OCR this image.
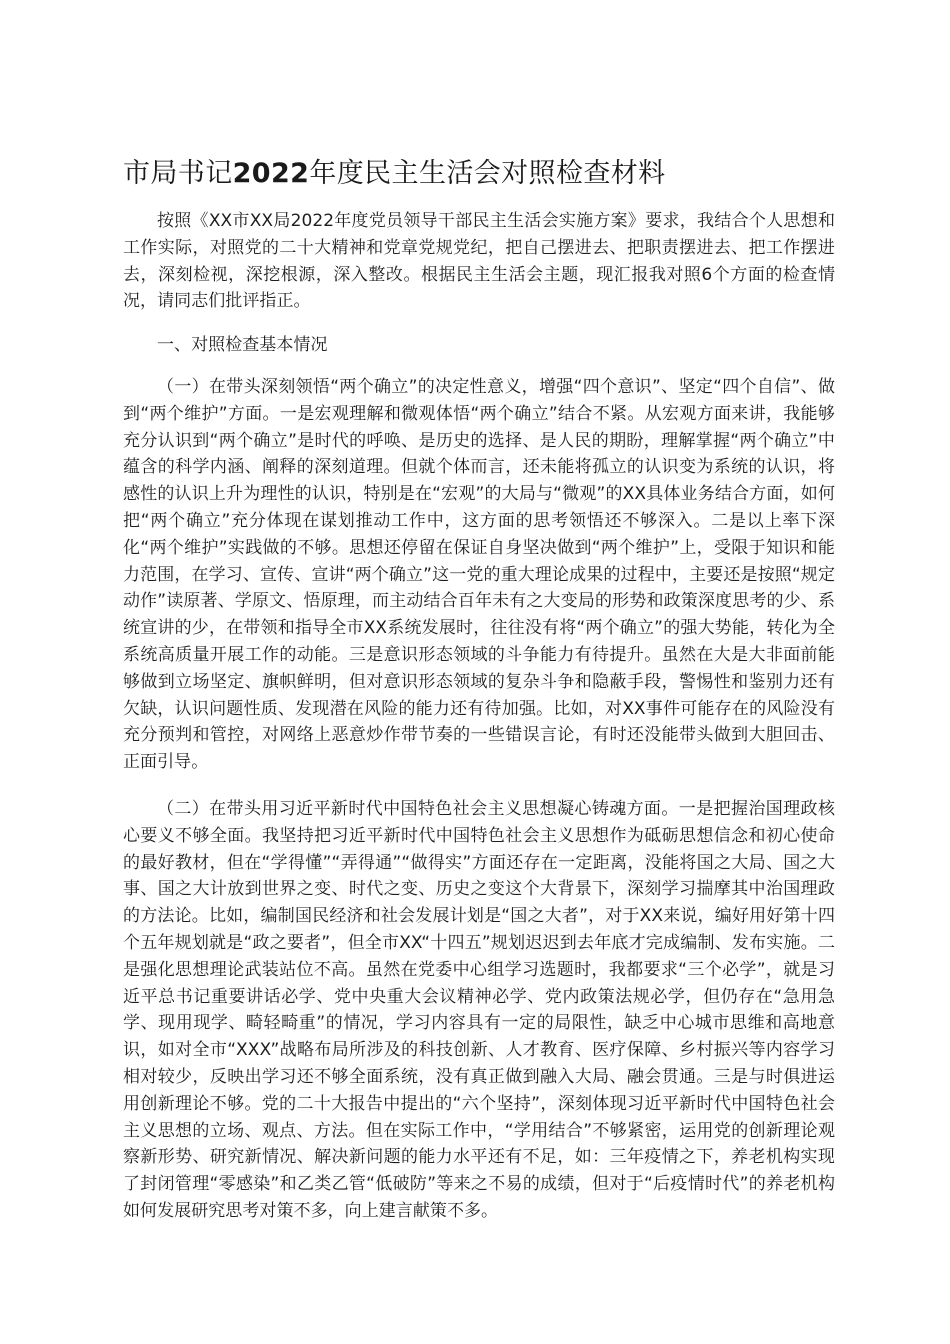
市局书记2022年度民主生活会对照检查材料

按照《XX市XX局2022年度党员领导干部民主生活会实施方案》要求，我结合个人思想和工作实际，对照党的二十大精神和党章党规党纪，把自己摆进去、把职责摆进去、把工作摆进去，深刻检视，深挖根源，深入整改。根据民主生活会主题，现汇报我对照6个方面的检查情况，请同志们批评指正。

一、对照检查基本情况

（一）在带头深刻领悟“两个确立”的决定性意义，增强“四个意识”、坚定“四个自信”、做到“两个维护”方面。一是宏观理解和微观体悟“两个确立”结合不紧。从宏观方面来讲，我能够充分认识到“两个确立”是时代的呼唤、是历史的选择、是人民的期盼，理解掌握“两个确立”中蕴含的科学内涵、阐释的深刻道理。但就个体而言，还未能将孤立的认识变为系统的认识，将感性的认识上升为理性的认识，特别是在“宏观”的大局与“微观”的XX具体业务结合方面，如何把“两个确立”充分体现在谋划推动工作中，这方面的思考领悟还不够深入。二是以上率下深化“两个维护”实践做的不够。思想还停留在保证自身坚决做到“两个维护”上，受限于知识和能力范围，在学习、宣传、宣讲“两个确立”这一党的重大理论成果的过程中，主要还是按照“规定动作”读原著、学原文、悟原理，而主动结合百年未有之大变局的形势和政策深度思考的少、系统宣讲的少，在带领和指导全市XX系统发展时，往往没有将“两个确立”的强大势能，转化为全系统高质量开展工作的动能。三是意识形态领域的斗争能力有待提升。虽然在大是大非面前能够做到立场坚定、旗帜鲜明，但对意识形态领域的复杂斗争和隐蔽手段，警惕性和鉴别力还有欠缺，认识问题性质、发现潜在风险的能力还有待加强。比如，对XX事件可能存在的风险没有充分预判和管控，对网络上恶意炒作带节奏的一些错误言论，有时还没能带头做到大胆回击、正面引导。

（二）在带头用习近平新时代中国特色社会主义思想凝心铸魂方面。一是把握治国理政核心要义不够全面。我坚持把习近平新时代中国特色社会主义思想作为砥砺思想信念和初心使命的最好教材，但在“学得懂”“弄得通”“做得实”方面还存在一定距离，没能将国之大局、国之大事、国之大计放到世界之变、时代之变、历史之变这个大背景下，深刻学习揣摩其中治国理政的方法论。比如，编制国民经济和社会发展计划是“国之大者”，对于XX来说，编好用好第十四个五年规划就是“政之要者”，但全市XX“十四五”规划迟迟到去年底才完成编制、发布实施。二是强化思想理论武装站位不高。虽然在党委中心组学习选题时，我都要求“三个必学”，就是习近平总书记重要讲话必学、党中央重大会议精神必学、党内政策法规必学，但仍存在“急用急学、现用现学、畸轻畸重”的情况，学习内容具有一定的局限性，缺乏中心城市思维和高地意识，如对全市“XXX”战略布局所涉及的科技创新、人才教育、医疗保障、乡村振兴等内容学习相对较少，反映出学习还不够全面系统，没有真正做到融入大局、融会贯通。三是与时俱进运用创新理论不够。党的二十大报告中提出的“六个坚持”，深刻体现习近平新时代中国特色社会主义思想的立场、观点、方法。但在实际工作中，“学用结合”不够紧密，运用党的创新理论观察新形势、研究新情况、解决新问题的能力水平还有不足，如：三年疫情之下，养老机构实现了封闭管理“零感染”和乙类乙管“低破防”等来之不易的成绩，但对于“后疫情时代”的养老机构如何发展研究思考对策不多，向上建言献策不多。
